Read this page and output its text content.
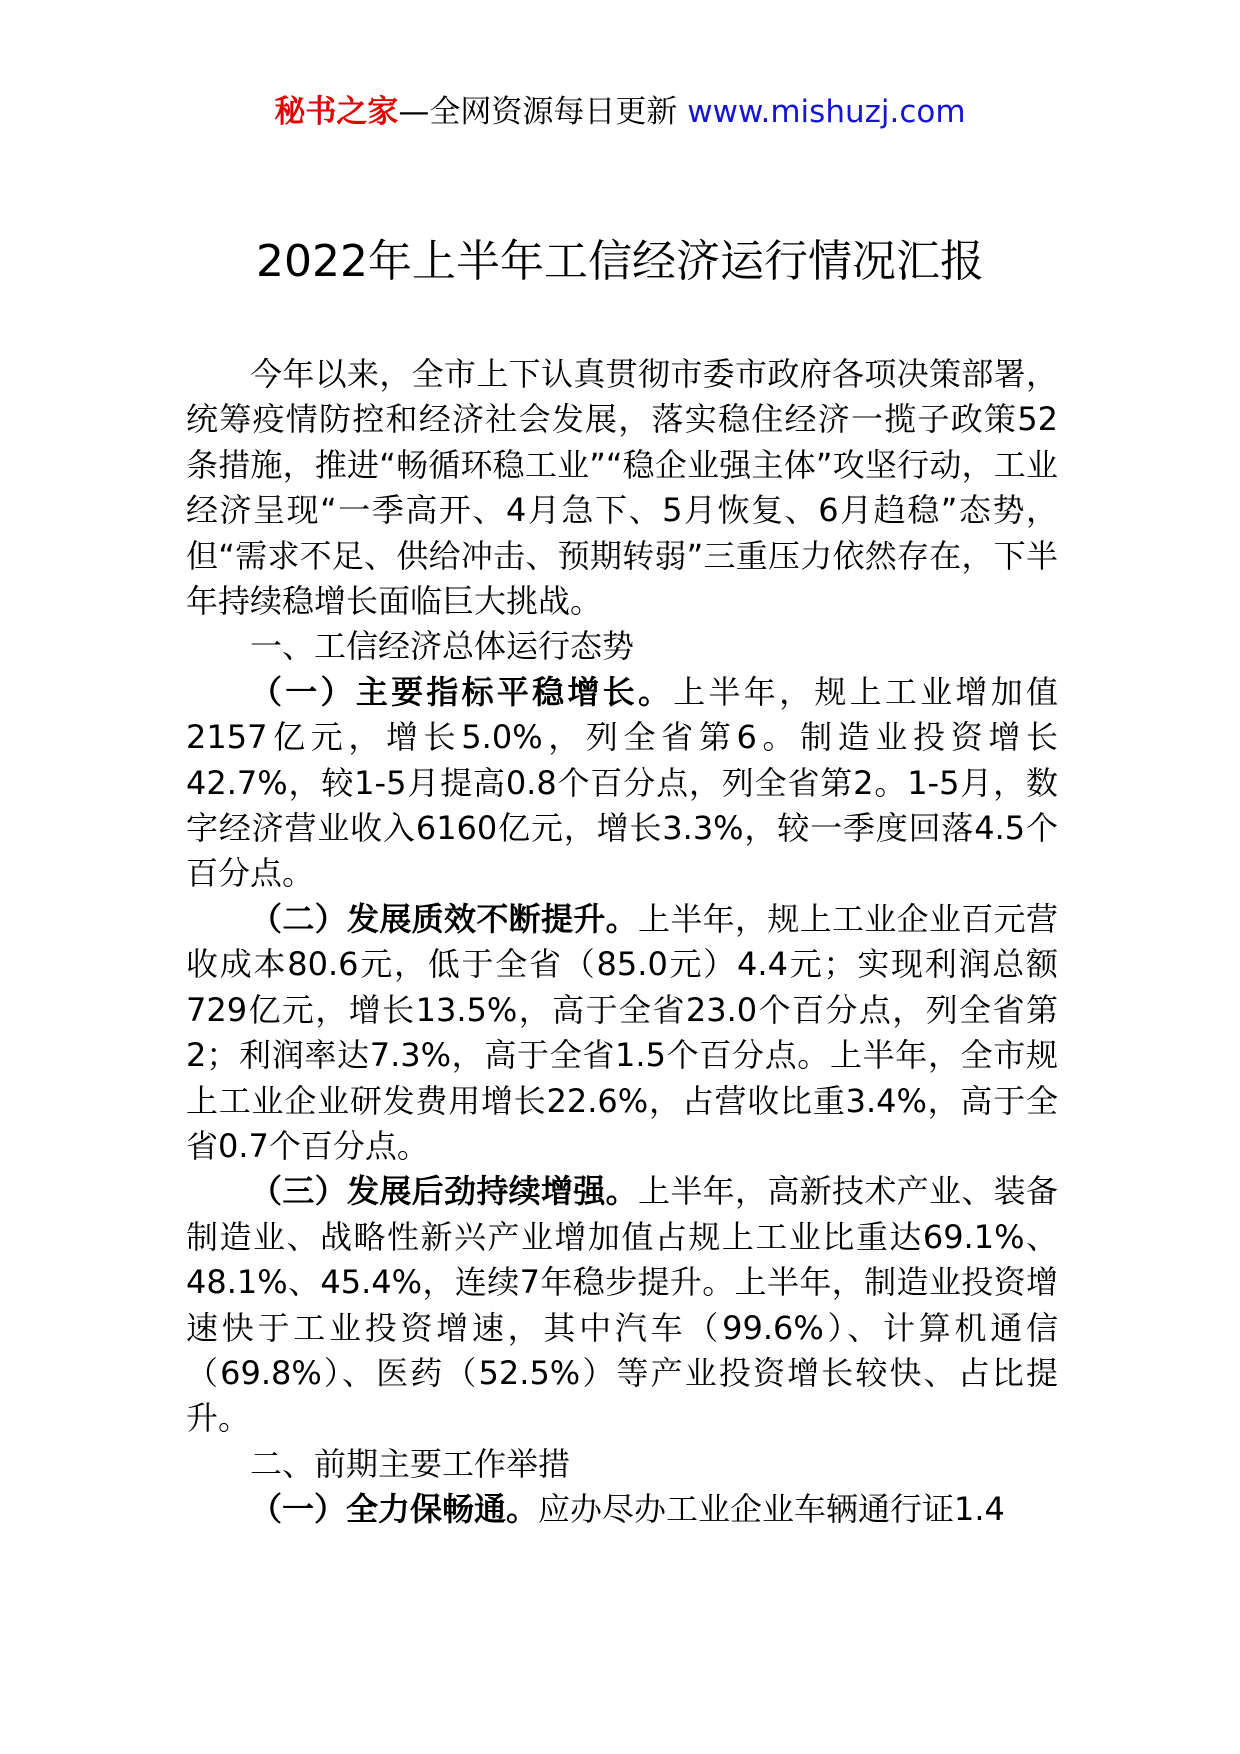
秘书之家—全网资源每日更新 www.mishuzj.com
2022年上半年工信经济运行情况汇报

今年以来，全市上下认真贯彻市委市政府各项决策部署，统筹疫情防控和经济社会发展，落实稳住经济一揽子政策52条措施，推进“畅循环稳工业”“稳企业强主体”攻坚行动，工业经济呈现“一季高开、4月急下、5月恢复、6月趋稳”态势，但“需求不足、供给冲击、预期转弱”三重压力依然存在，下半年持续稳增长面临巨大挑战。

一、工信经济总体运行态势

（一）主要指标平稳增长。上半年，规上工业增加值2157亿元，增长5.0%，列全省第6。制造业投资增长42.7%，较1-5月提高0.8个百分点，列全省第2。1-5月，数字经济营业收入6160亿元，增长3.3%，较一季度回落4.5个百分点。

（二）发展质效不断提升。上半年，规上工业企业百元营收成本80.6元，低于全省（85.0元）4.4元；实现利润总额729亿元，增长13.5%，高于全省23.0个百分点，列全省第2；利润率达7.3%，高于全省1.5个百分点。上半年，全市规上工业企业研发费用增长22.6%，占营收比重3.4%，高于全省0.7个百分点。

（三）发展后劲持续增强。上半年，高新技术产业、装备制造业、战略性新兴产业增加值占规上工业比重达69.1%、48.1%、45.4%，连续7年稳步提升。上半年，制造业投资增速快于工业投资增速，其中汽车（99.6%）、计算机通信（69.8%）、医药（52.5%）等产业投资增长较快、占比提升。

二、前期主要工作举措

（一）全力保畅通。应办尽办工业企业车辆通行证1.4
